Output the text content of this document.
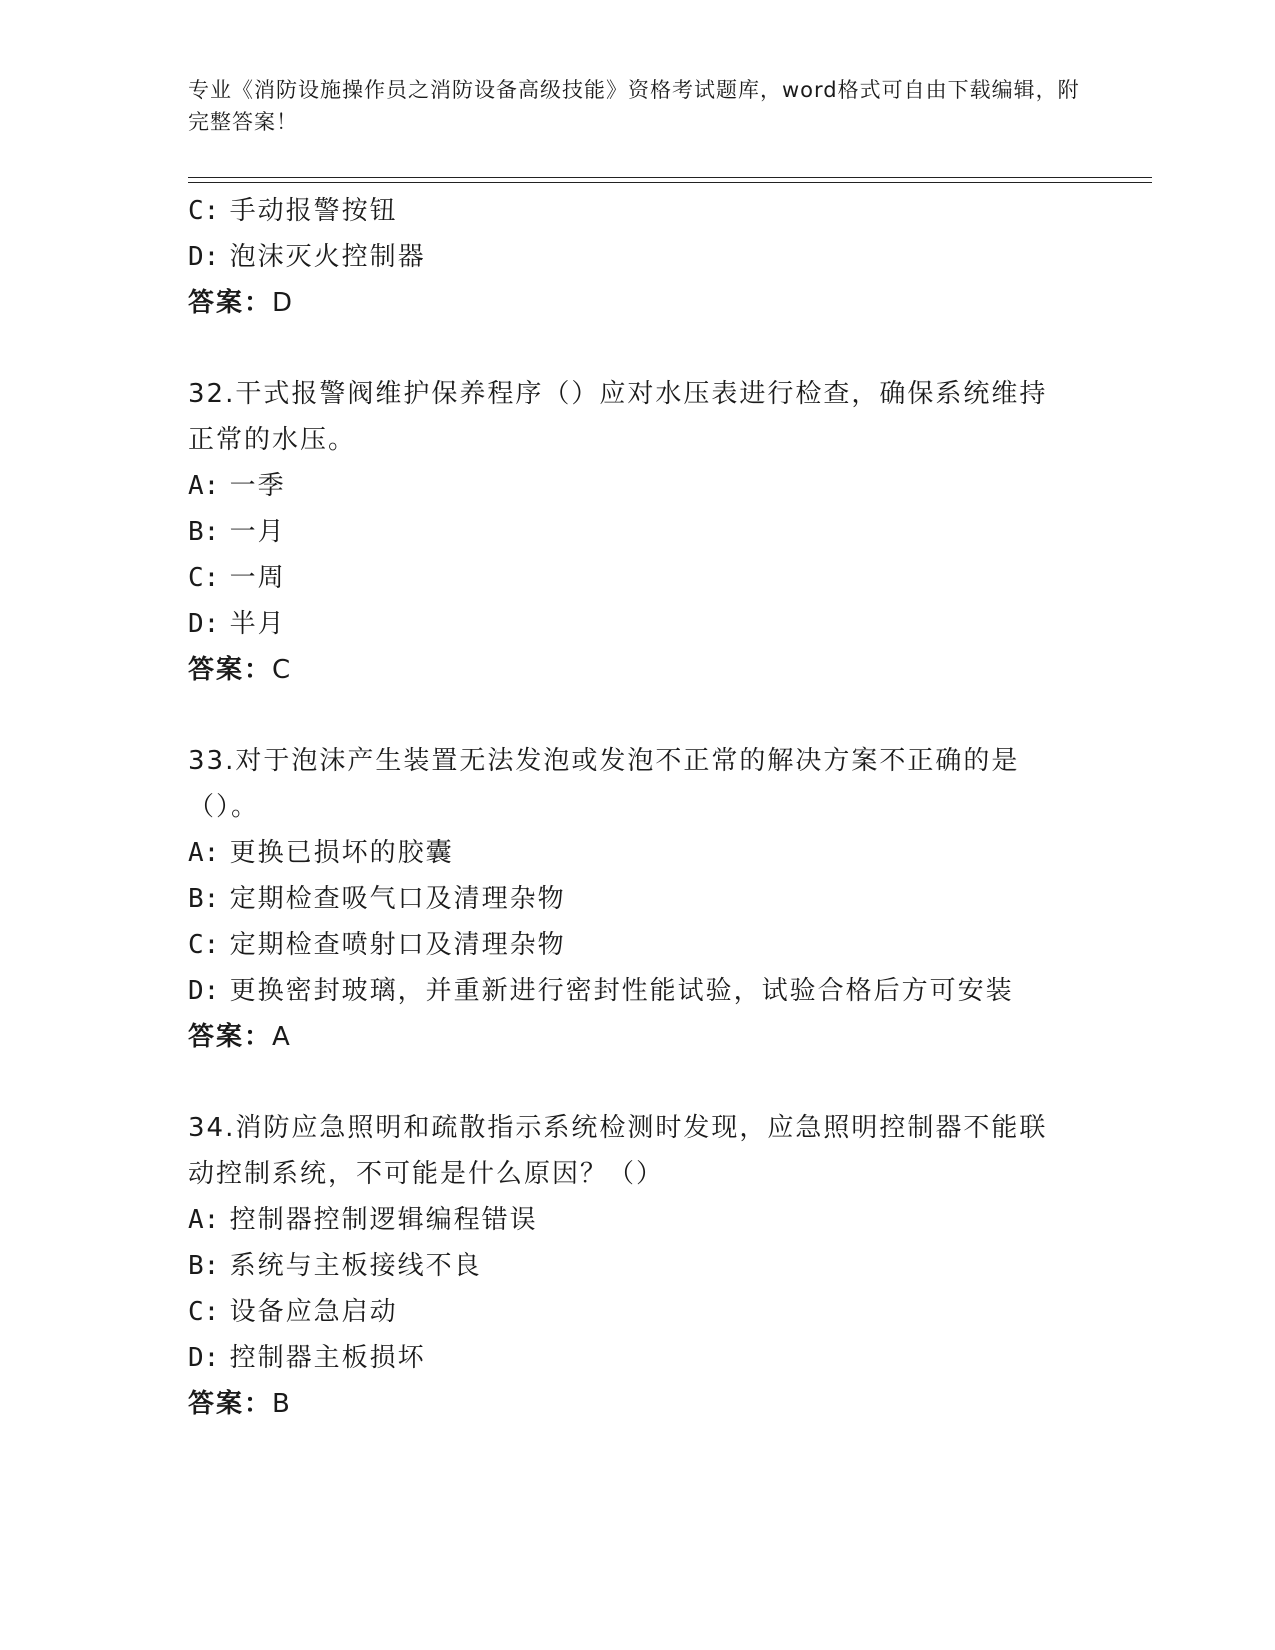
专业《消防设施操作员之消防设备高级技能》资格考试题库，word格式可自由下载编辑，附完整答案！
C: 手动报警按钮
D: 泡沫灭火控制器
答案：D
32.干式报警阀维护保养程序（）应对水压表进行检查，确保系统维持正常的水压。
A: 一季
B: 一月
C: 一周
D: 半月
答案：C
33.对于泡沫产生装置无法发泡或发泡不正常的解决方案不正确的是（）。
A: 更换已损坏的胶囊
B: 定期检查吸气口及清理杂物
C: 定期检查喷射口及清理杂物
D: 更换密封玻璃，并重新进行密封性能试验，试验合格后方可安装
答案：A
34.消防应急照明和疏散指示系统检测时发现，应急照明控制器不能联动控制系统，不可能是什么原因？（）
A: 控制器控制逻辑编程错误
B: 系统与主板接线不良
C: 设备应急启动
D: 控制器主板损坏
答案：B
